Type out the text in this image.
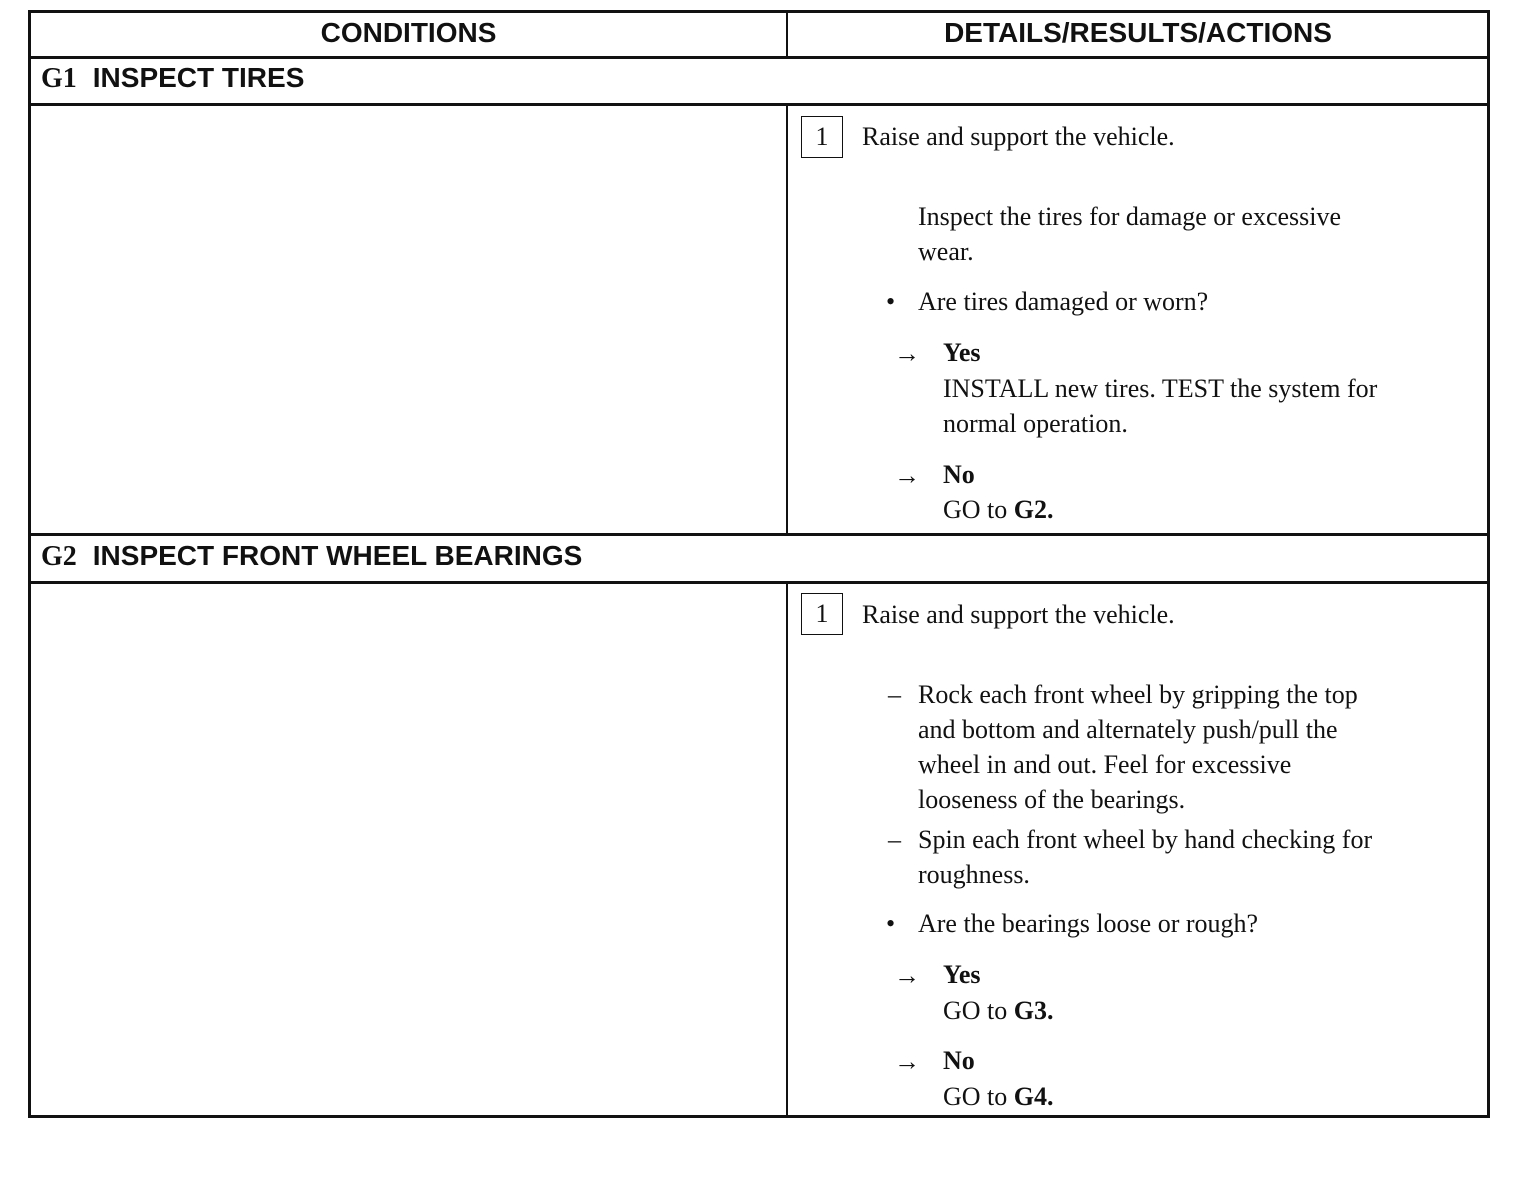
CONDITIONS	DETAILS/RESULTS/ACTIONS
G1 INSPECT TIRES
1	Raise and support the vehicle.
Inspect the tires for damage or excessive
wear.
• Are tires damaged or worn?
→ Yes
INSTALL new tires. TEST the system for
normal operation.
→ No
GO to G2.
G2 INSPECT FRONT WHEEL BEARINGS
1	Raise and support the vehicle.
– Rock each front wheel by gripping the top
and bottom and alternately push/pull the
wheel in and out. Feel for excessive
looseness of the bearings.
– Spin each front wheel by hand checking for
roughness.
• Are the bearings loose or rough?
→ Yes
GO to G3.
→ No
GO to G4.
